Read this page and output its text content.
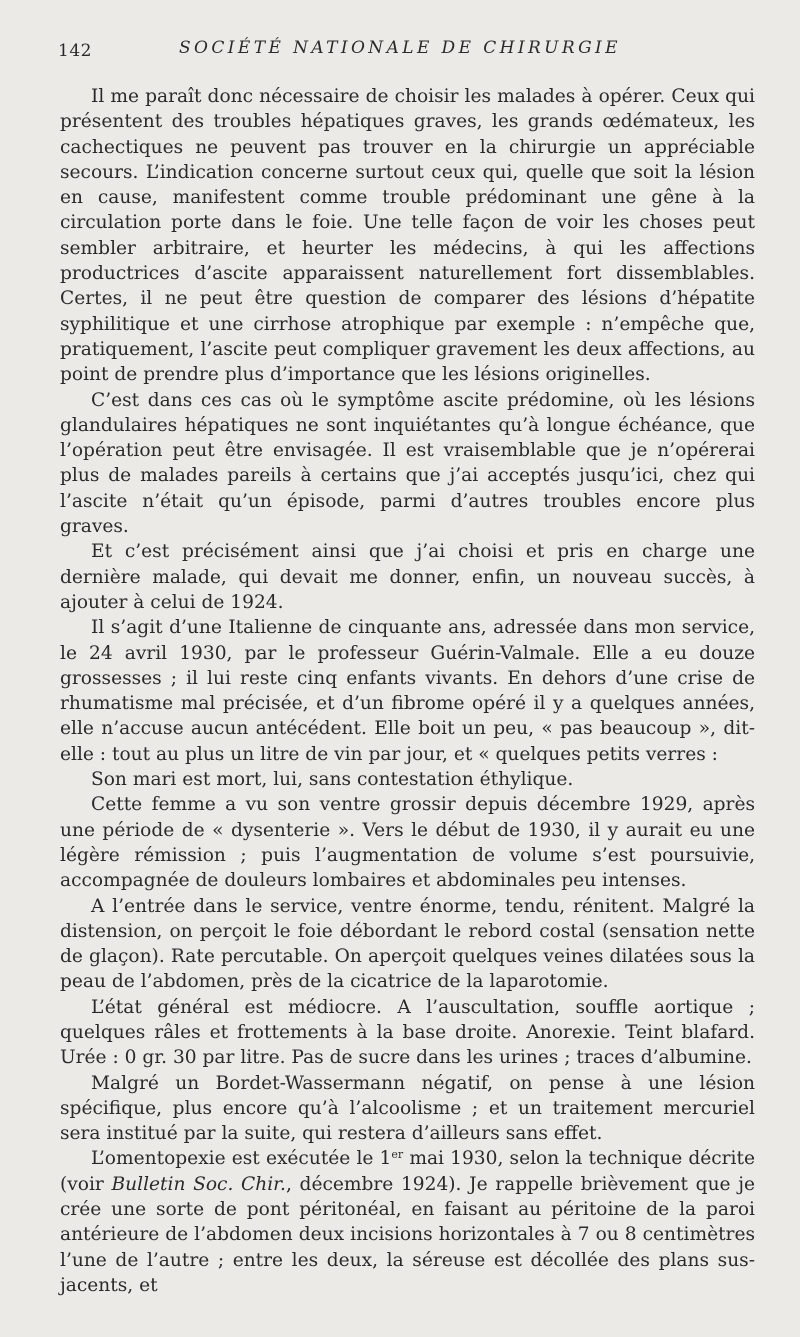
142	SOCIÉTÉ NATIONALE DE CHIRURGIE

Il me paraît donc nécessaire de choisir les malades à opérer. Ceux qui présentent des troubles hépatiques graves, les grands œdémateux, les cachectiques ne peuvent pas trouver en la chirurgie un appréciable secours. L’indication concerne surtout ceux qui, quelle que soit la lésion en cause, manifestent comme trouble prédominant une gêne à la circulation porte dans le foie. Une telle façon de voir les choses peut sembler arbitraire, et heurter les médecins, à qui les affections productrices d’ascite apparaissent naturellement fort dissemblables. Certes, il ne peut être question de comparer des lésions d’hépatite syphilitique et une cirrhose atrophique par exemple : n’empêche que, pratiquement, l’ascite peut compliquer gravement les deux affections, au point de prendre plus d’importance que les lésions originelles.

C’est dans ces cas où le symptôme ascite prédomine, où les lésions glandulaires hépatiques ne sont inquiétantes qu’à longue échéance, que l’opération peut être envisagée. Il est vraisemblable que je n’opérerai plus de malades pareils à certains que j’ai acceptés jusqu’ici, chez qui l’ascite n’était qu’un épisode, parmi d’autres troubles encore plus graves.

Et c’est précisément ainsi que j’ai choisi et pris en charge une dernière malade, qui devait me donner, enfin, un nouveau succès, à ajouter à celui de 1924.

Il s’agit d’une Italienne de cinquante ans, adressée dans mon service, le 24 avril 1930, par le professeur Guérin-Valmale. Elle a eu douze grossesses ; il lui reste cinq enfants vivants. En dehors d’une crise de rhumatisme mal précisée, et d’un fibrome opéré il y a quelques années, elle n’accuse aucun antécédent. Elle boit un peu, « pas beaucoup », dit-elle : tout au plus un litre de vin par jour, et « quelques petits verres :

Son mari est mort, lui, sans contestation éthylique.

Cette femme a vu son ventre grossir depuis décembre 1929, après une période de « dysenterie ». Vers le début de 1930, il y aurait eu une légère rémission ; puis l’augmentation de volume s’est poursuivie, accompagnée de douleurs lombaires et abdominales peu intenses.

A l’entrée dans le service, ventre énorme, tendu, rénitent. Malgré la distension, on perçoit le foie débordant le rebord costal (sensation nette de glaçon). Rate percutable. On aperçoit quelques veines dilatées sous la peau de l’abdomen, près de la cicatrice de la laparotomie.

L’état général est médiocre. A l’auscultation, souffle aortique ; quelques râles et frottements à la base droite. Anorexie. Teint blafard. Urée : 0 gr. 30 par litre. Pas de sucre dans les urines ; traces d’albumine.

Malgré un Bordet-Wassermann négatif, on pense à une lésion spécifique, plus encore qu’à l’alcoolisme ; et un traitement mercuriel sera institué par la suite, qui restera d’ailleurs sans effet.

L’omentopexie est exécutée le 1er mai 1930, selon la technique décrite (voir Bulletin Soc. Chir., décembre 1924). Je rappelle brièvement que je crée une sorte de pont péritonéal, en faisant au péritoine de la paroi antérieure de l’abdomen deux incisions horizontales à 7 ou 8 centimètres l’une de l’autre ; entre les deux, la séreuse est décollée des plans sus-jacents, et
